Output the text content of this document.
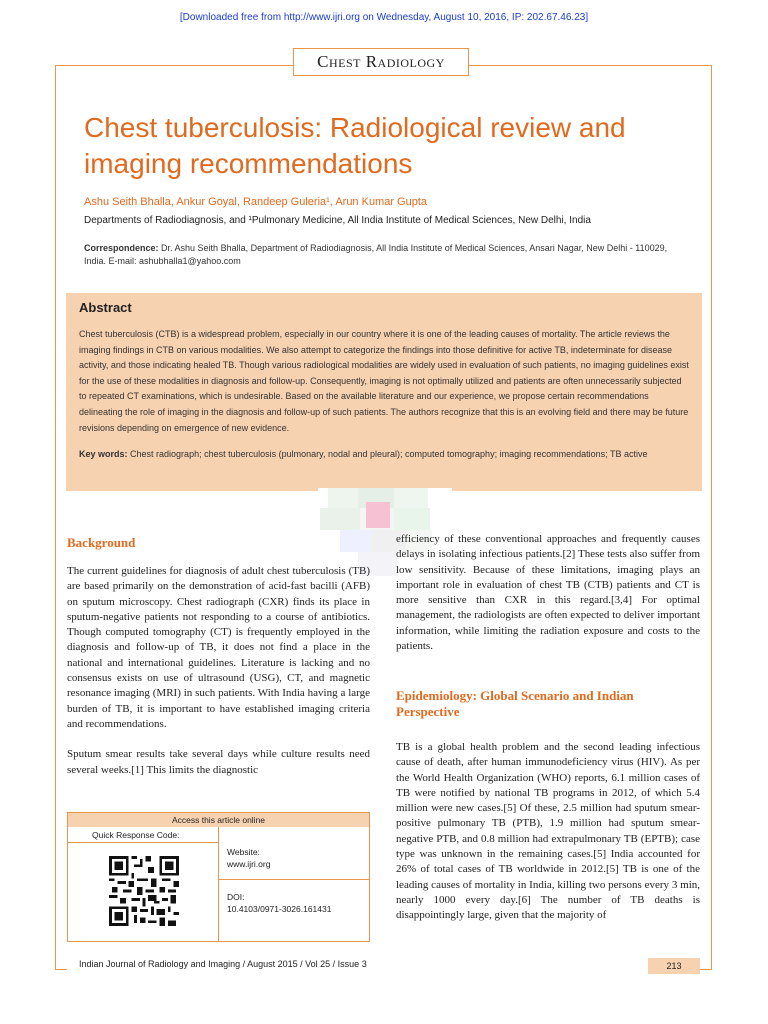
[Downloaded free from http://www.ijri.org on Wednesday, August 10, 2016, IP: 202.67.46.23]
Chest Radiology
Chest tuberculosis: Radiological review and imaging recommendations
Ashu Seith Bhalla, Ankur Goyal, Randeep Guleria¹, Arun Kumar Gupta
Departments of Radiodiagnosis, and ¹Pulmonary Medicine, All India Institute of Medical Sciences, New Delhi, India
Correspondence: Dr. Ashu Seith Bhalla, Department of Radiodiagnosis, All India Institute of Medical Sciences, Ansari Nagar, New Delhi - 110029, India. E-mail: ashubhalla1@yahoo.com
Abstract

Chest tuberculosis (CTB) is a widespread problem, especially in our country where it is one of the leading causes of mortality. The article reviews the imaging findings in CTB on various modalities. We also attempt to categorize the findings into those definitive for active TB, indeterminate for disease activity, and those indicating healed TB. Though various radiological modalities are widely used in evaluation of such patients, no imaging guidelines exist for the use of these modalities in diagnosis and follow-up. Consequently, imaging is not optimally utilized and patients are often unnecessarily subjected to repeated CT examinations, which is undesirable. Based on the available literature and our experience, we propose certain recommendations delineating the role of imaging in the diagnosis and follow-up of such patients. The authors recognize that this is an evolving field and there may be future revisions depending on emergence of new evidence.

Key words: Chest radiograph; chest tuberculosis (pulmonary, nodal and pleural); computed tomography; imaging recommendations; TB active
Background

The current guidelines for diagnosis of adult chest tuberculosis (TB) are based primarily on the demonstration of acid-fast bacilli (AFB) on sputum microscopy. Chest radiograph (CXR) finds its place in sputum-negative patients not responding to a course of antibiotics. Though computed tomography (CT) is frequently employed in the diagnosis and follow-up of TB, it does not find a place in the national and international guidelines. Literature is lacking and no consensus exists on use of ultrasound (USG), CT, and magnetic resonance imaging (MRI) in such patients. With India having a large burden of TB, it is important to have established imaging criteria and recommendations.

Sputum smear results take several days while culture results need several weeks.[1] This limits the diagnostic

efficiency of these conventional approaches and frequently causes delays in isolating infectious patients.[2] These tests also suffer from low sensitivity. Because of these limitations, imaging plays an important role in evaluation of chest TB (CTB) patients and CT is more sensitive than CXR in this regard.[3,4] For optimal management, the radiologists are often expected to deliver important information, while limiting the radiation exposure and costs to the patients.

Epidemiology: Global Scenario and Indian Perspective

TB is a global health problem and the second leading infectious cause of death, after human immunodeficiency virus (HIV). As per the World Health Organization (WHO) reports, 6.1 million cases of TB were notified by national TB programs in 2012, of which 5.4 million were new cases.[5] Of these, 2.5 million had sputum smear-positive pulmonary TB (PTB), 1.9 million had sputum smear-negative PTB, and 0.8 million had extrapulmonary TB (EPTB); case type was unknown in the remaining cases.[5] India accounted for 26% of total cases of TB worldwide in 2012.[5] TB is one of the leading causes of mortality in India, killing two persons every 3 min, nearly 1000 every day.[6] The number of TB deaths is disappointingly large, given that the majority of

Access this article online
Quick Response Code:
Website:
www.ijri.org
DOI:
10.4103/0971-3026.161431
Indian Journal of Radiology and Imaging / August 2015 / Vol 25 / Issue 3	213
